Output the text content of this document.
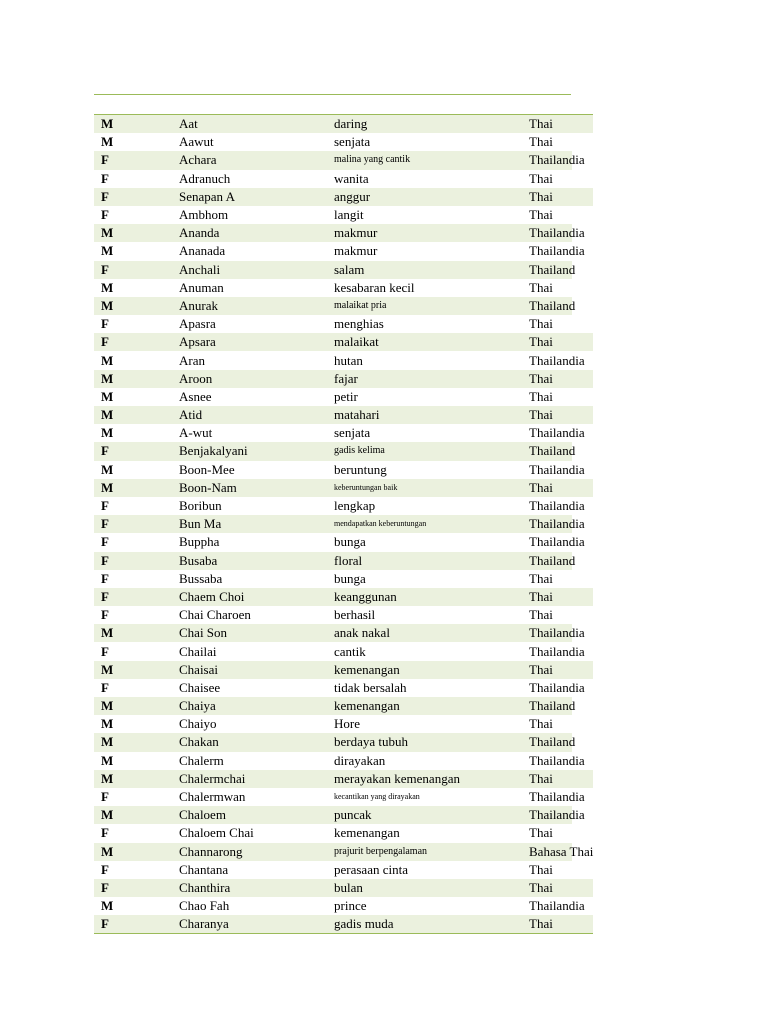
M	Aat	daring	Thai
M	Aawut	senjata	Thai
F	Achara	malina yang cantik	Thailandia
F	Adranuch	wanita	Thai
F	Senapan A	anggur	Thai
F	Ambhom	langit	Thai
M	Ananda	makmur	Thailandia
M	Ananada	makmur	Thailandia
F	Anchali	salam	Thailand
M	Anuman	kesabaran kecil	Thai
M	Anurak	malaikat pria	Thailand
F	Apasra	menghias	Thai
F	Apsara	malaikat	Thai
M	Aran	hutan	Thailandia
M	Aroon	fajar	Thai
M	Asnee	petir	Thai
M	Atid	matahari	Thai
M	A-wut	senjata	Thailandia
F	Benjakalyani	gadis kelima	Thailand
M	Boon-Mee	beruntung	Thailandia
M	Boon-Nam	keberuntungan baik	Thai
F	Boribun	lengkap	Thailandia
F	Bun Ma	mendapatkan keberuntungan	Thailandia
F	Buppha	bunga	Thailandia
F	Busaba	floral	Thailand
F	Bussaba	bunga	Thai
F	Chaem Choi	keanggunan	Thai
F	Chai Charoen	berhasil	Thai
M	Chai Son	anak nakal	Thailandia
F	Chailai	cantik	Thailandia
M	Chaisai	kemenangan	Thai
F	Chaisee	tidak bersalah	Thailandia
M	Chaiya	kemenangan	Thailand
M	Chaiyo	Hore	Thai
M	Chakan	berdaya tubuh	Thailand
M	Chalerm	dirayakan	Thailandia
M	Chalermchai	merayakan kemenangan	Thai
F	Chalermwan	kecantikan yang dirayakan	Thailandia
M	Chaloem	puncak	Thailandia
F	Chaloem Chai	kemenangan	Thai
M	Channarong	prajurit berpengalaman	Bahasa Thai
F	Chantana	perasaan cinta	Thai
F	Chanthira	bulan	Thai
M	Chao Fah	prince	Thailandia
F	Charanya	gadis muda	Thai
